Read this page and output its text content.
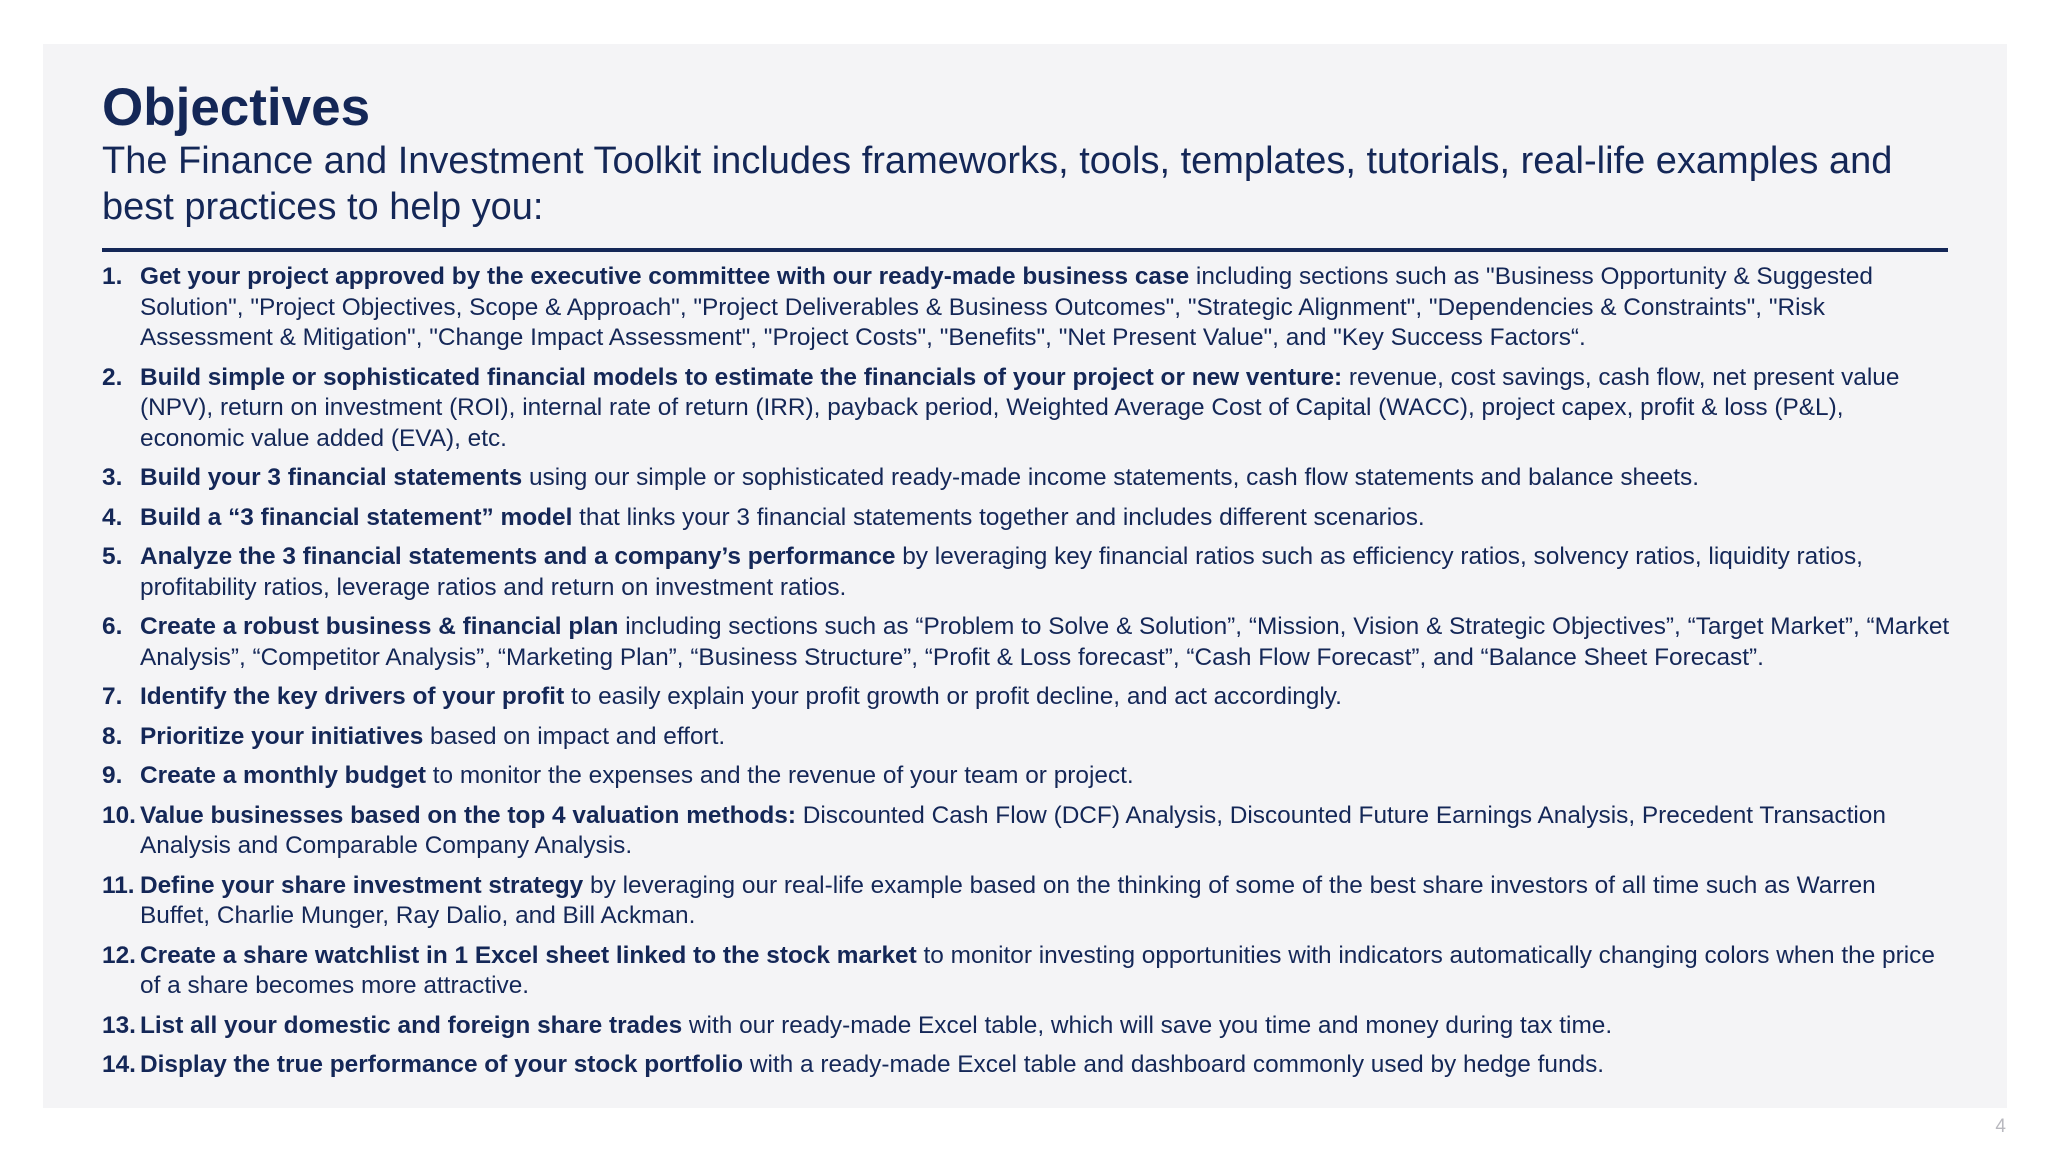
Objectives

The Finance and Investment Toolkit includes frameworks, tools, templates, tutorials, real-life examples and best practices to help you:

1. Get your project approved by the executive committee with our ready-made business case including sections such as "Business Opportunity & Suggested Solution", "Project Objectives, Scope & Approach", "Project Deliverables & Business Outcomes", "Strategic Alignment", "Dependencies & Constraints", "Risk Assessment & Mitigation", "Change Impact Assessment", "Project Costs", "Benefits", "Net Present Value", and "Key Success Factors“.
2. Build simple or sophisticated financial models to estimate the financials of your project or new venture: revenue, cost savings, cash flow, net present value (NPV), return on investment (ROI), internal rate of return (IRR), payback period, Weighted Average Cost of Capital (WACC), project capex, profit & loss (P&L), economic value added (EVA), etc.
3. Build your 3 financial statements using our simple or sophisticated ready-made income statements, cash flow statements and balance sheets.
4. Build a “3 financial statement” model that links your 3 financial statements together and includes different scenarios.
5. Analyze the 3 financial statements and a company’s performance by leveraging key financial ratios such as efficiency ratios, solvency ratios, liquidity ratios, profitability ratios, leverage ratios and return on investment ratios.
6. Create a robust business & financial plan including sections such as “Problem to Solve & Solution”, “Mission, Vision & Strategic Objectives”, “Target Market”, “Market Analysis”, “Competitor Analysis”, “Marketing Plan”, “Business Structure”, “Profit & Loss forecast”, “Cash Flow Forecast”, and “Balance Sheet Forecast”.
7. Identify the key drivers of your profit to easily explain your profit growth or profit decline, and act accordingly.
8. Prioritize your initiatives based on impact and effort.
9. Create a monthly budget to monitor the expenses and the revenue of your team or project.
10. Value businesses based on the top 4 valuation methods: Discounted Cash Flow (DCF) Analysis, Discounted Future Earnings Analysis, Precedent Transaction Analysis and Comparable Company Analysis.
11. Define your share investment strategy by leveraging our real-life example based on the thinking of some of the best share investors of all time such as Warren Buffet, Charlie Munger, Ray Dalio, and Bill Ackman.
12. Create a share watchlist in 1 Excel sheet linked to the stock market to monitor investing opportunities with indicators automatically changing colors when the price of a share becomes more attractive.
13. List all your domestic and foreign share trades with our ready-made Excel table, which will save you time and money during tax time.
14. Display the true performance of your stock portfolio with a ready-made Excel table and dashboard commonly used by hedge funds.
4
